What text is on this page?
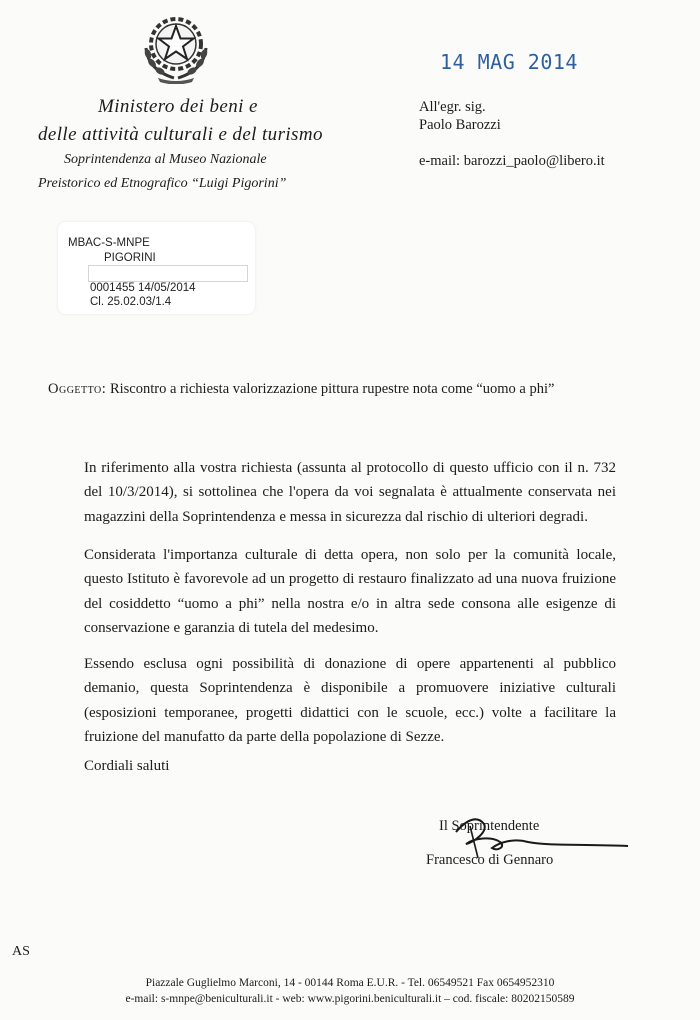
Ministero dei beni e
delle attività culturali e del turismo
Soprintendenza al Museo Nazionale
Preistorico ed Etnografico “Luigi Pigorini”
14 MAG 2014
All'egr. sig.
Paolo Barozzi
e-mail: barozzi_paolo@libero.it
MBAC-S-MNPE
PIGORINI
0001455 14/05/2014
Cl. 25.02.03/1.4
Oggetto: Riscontro a richiesta valorizzazione pittura rupestre nota come “uomo a phi”
In riferimento alla vostra richiesta (assunta al protocollo di questo ufficio con il n. 732 del 10/3/2014), si sottolinea che l'opera da voi segnalata è attualmente conservata nei magazzini della Soprintendenza e messa in sicurezza dal rischio di ulteriori degradi.
Considerata l'importanza culturale di detta opera, non solo per la comunità locale, questo Istituto è favorevole ad un progetto di restauro finalizzato ad una nuova fruizione del cosiddetto “uomo a phi” nella nostra e/o in altra sede consona alle esigenze di conservazione e garanzia di tutela del medesimo.
Essendo esclusa ogni possibilità di donazione di opere appartenenti al pubblico demanio, questa Soprintendenza è disponibile a promuovere iniziative culturali (esposizioni temporanee, progetti didattici con le scuole, ecc.) volte a facilitare la fruizione del manufatto da parte della popolazione di Sezze.
Cordiali saluti
Il Soprintendente
Francesco di Gennaro
AS
Piazzale Guglielmo Marconi, 14 - 00144 Roma E.U.R. - Tel. 06549521 Fax 0654952310
e-mail: s-mnpe@beniculturali.it - web: www.pigorini.beniculturali.it – cod. fiscale: 80202150589
